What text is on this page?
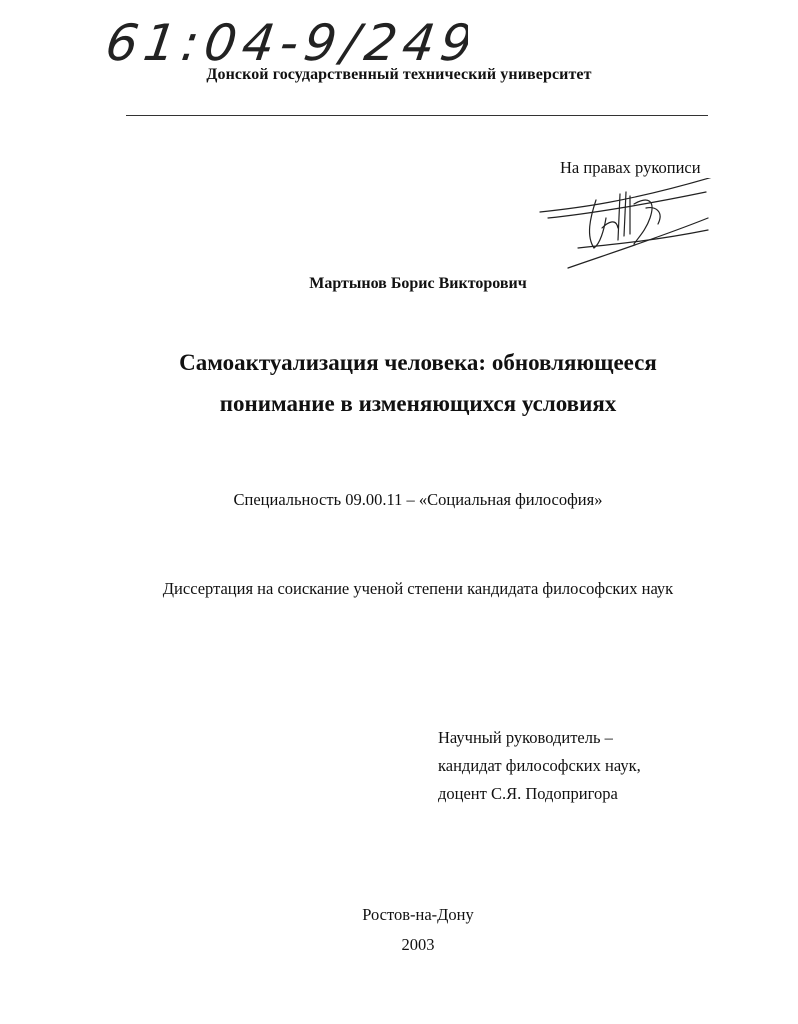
61:04-9/249
Донской государственный технический университет
На правах рукописи
Мартынов Борис Викторович
Самоактуализация человека: обновляющееся
понимание в изменяющихся условиях
Специальность 09.00.11 – «Социальная философия»
Диссертация на соискание ученой степени кандидата философских наук
Научный руководитель –
кандидат философских наук,
доцент С.Я. Подопригора
Ростов-на-Дону
2003
